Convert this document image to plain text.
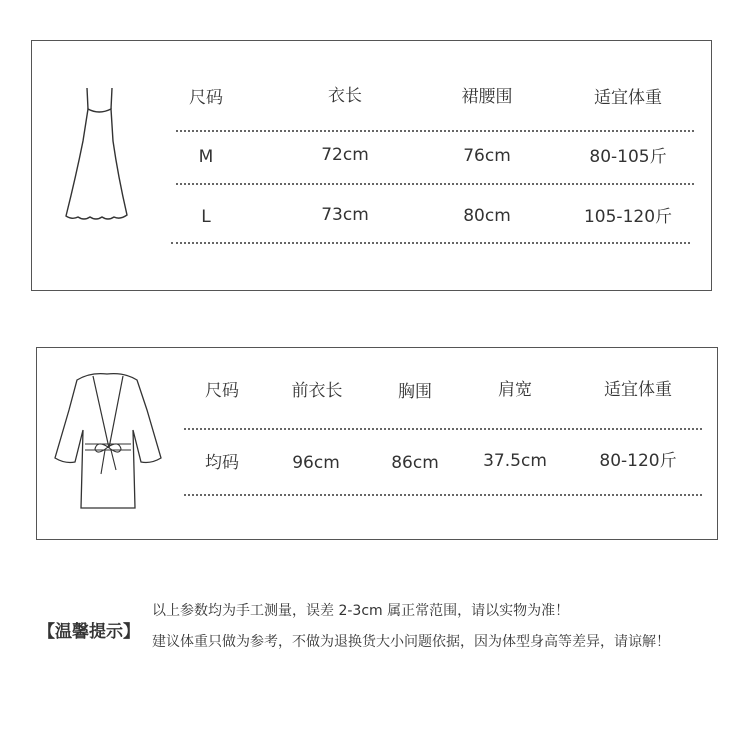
尺码	衣长	裙腰围	适宜体重
M	72cm	76cm	80-105斤
L	73cm	80cm	105-120斤
尺码	前衣长	胸围	肩宽	适宜体重
均码	96cm	86cm	37.5cm	80-120斤
【温馨提示】
以上参数均为手工测量，误差 2-3cm 属正常范围，请以实物为准！
建议体重只做为参考，不做为退换货大小问题依据，因为体型身高等差异，请谅解！
